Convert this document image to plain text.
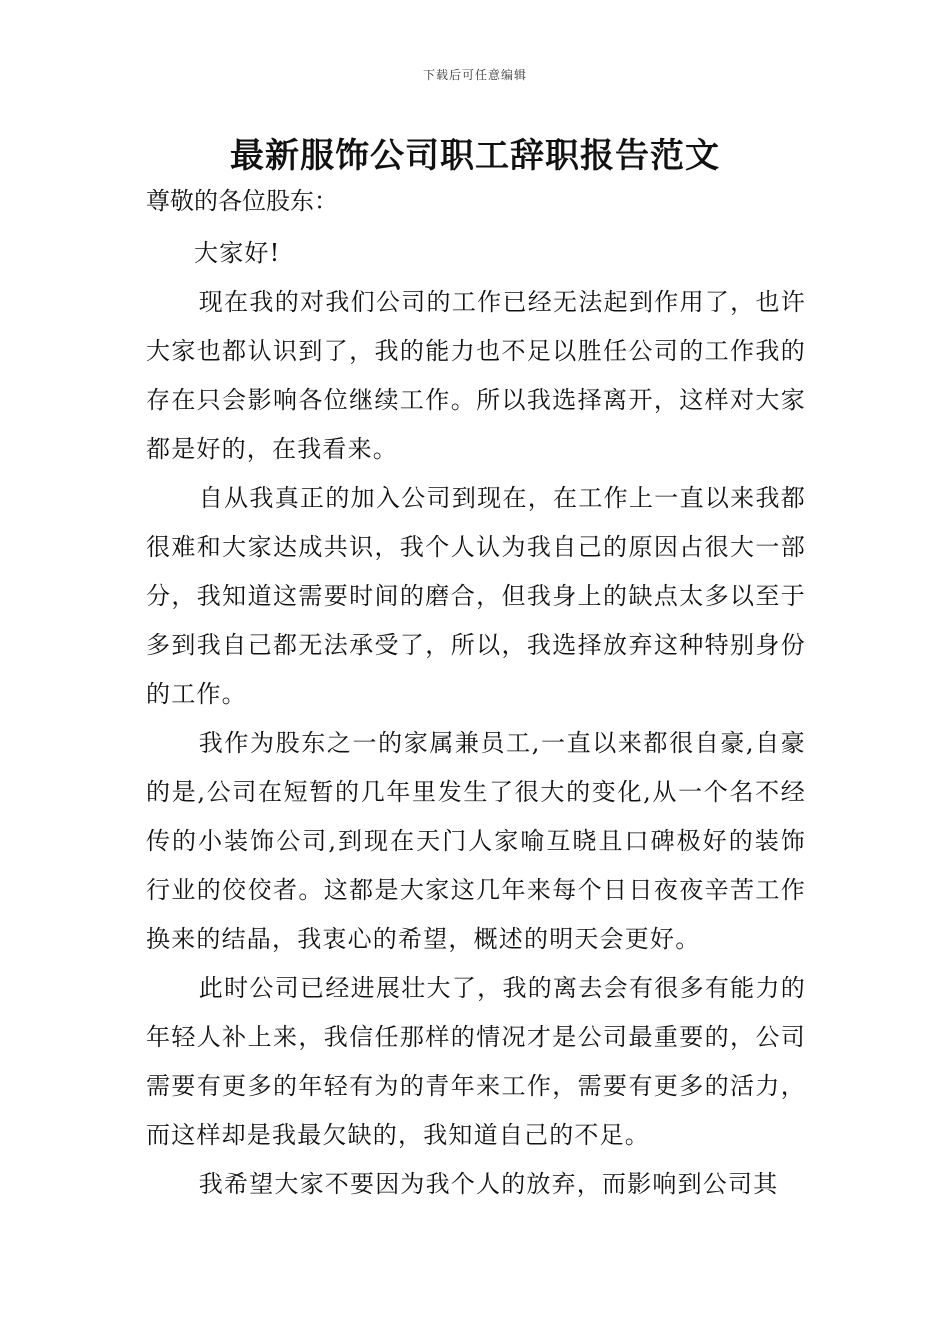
下载后可任意编辑
最新服饰公司职工辞职报告范文
尊敬的各位股东：

大家好!

现在我的对我们公司的工作已经无法起到作用了，也许大家也都认识到了，我的能力也不足以胜任公司的工作我的存在只会影响各位继续工作。所以我选择离开，这样对大家都是好的，在我看来。

自从我真正的加入公司到现在，在工作上一直以来我都很难和大家达成共识，我个人认为我自己的原因占很大一部分，我知道这需要时间的磨合，但我身上的缺点太多以至于多到我自己都无法承受了，所以，我选择放弃这种特别身份的工作。

我作为股东之一的家属兼员工,一直以来都很自豪,自豪的是,公司在短暂的几年里发生了很大的变化,从一个名不经传的小装饰公司,到现在天门人家喻互晓且口碑极好的装饰行业的佼佼者。这都是大家这几年来每个日日夜夜辛苦工作换来的结晶，我衷心的希望，概述的明天会更好。

此时公司已经进展壮大了，我的离去会有很多有能力的年轻人补上来，我信任那样的情况才是公司最重要的，公司需要有更多的年轻有为的青年来工作，需要有更多的活力，而这样却是我最欠缺的，我知道自己的不足。

我希望大家不要因为我个人的放弃，而影响到公司其
